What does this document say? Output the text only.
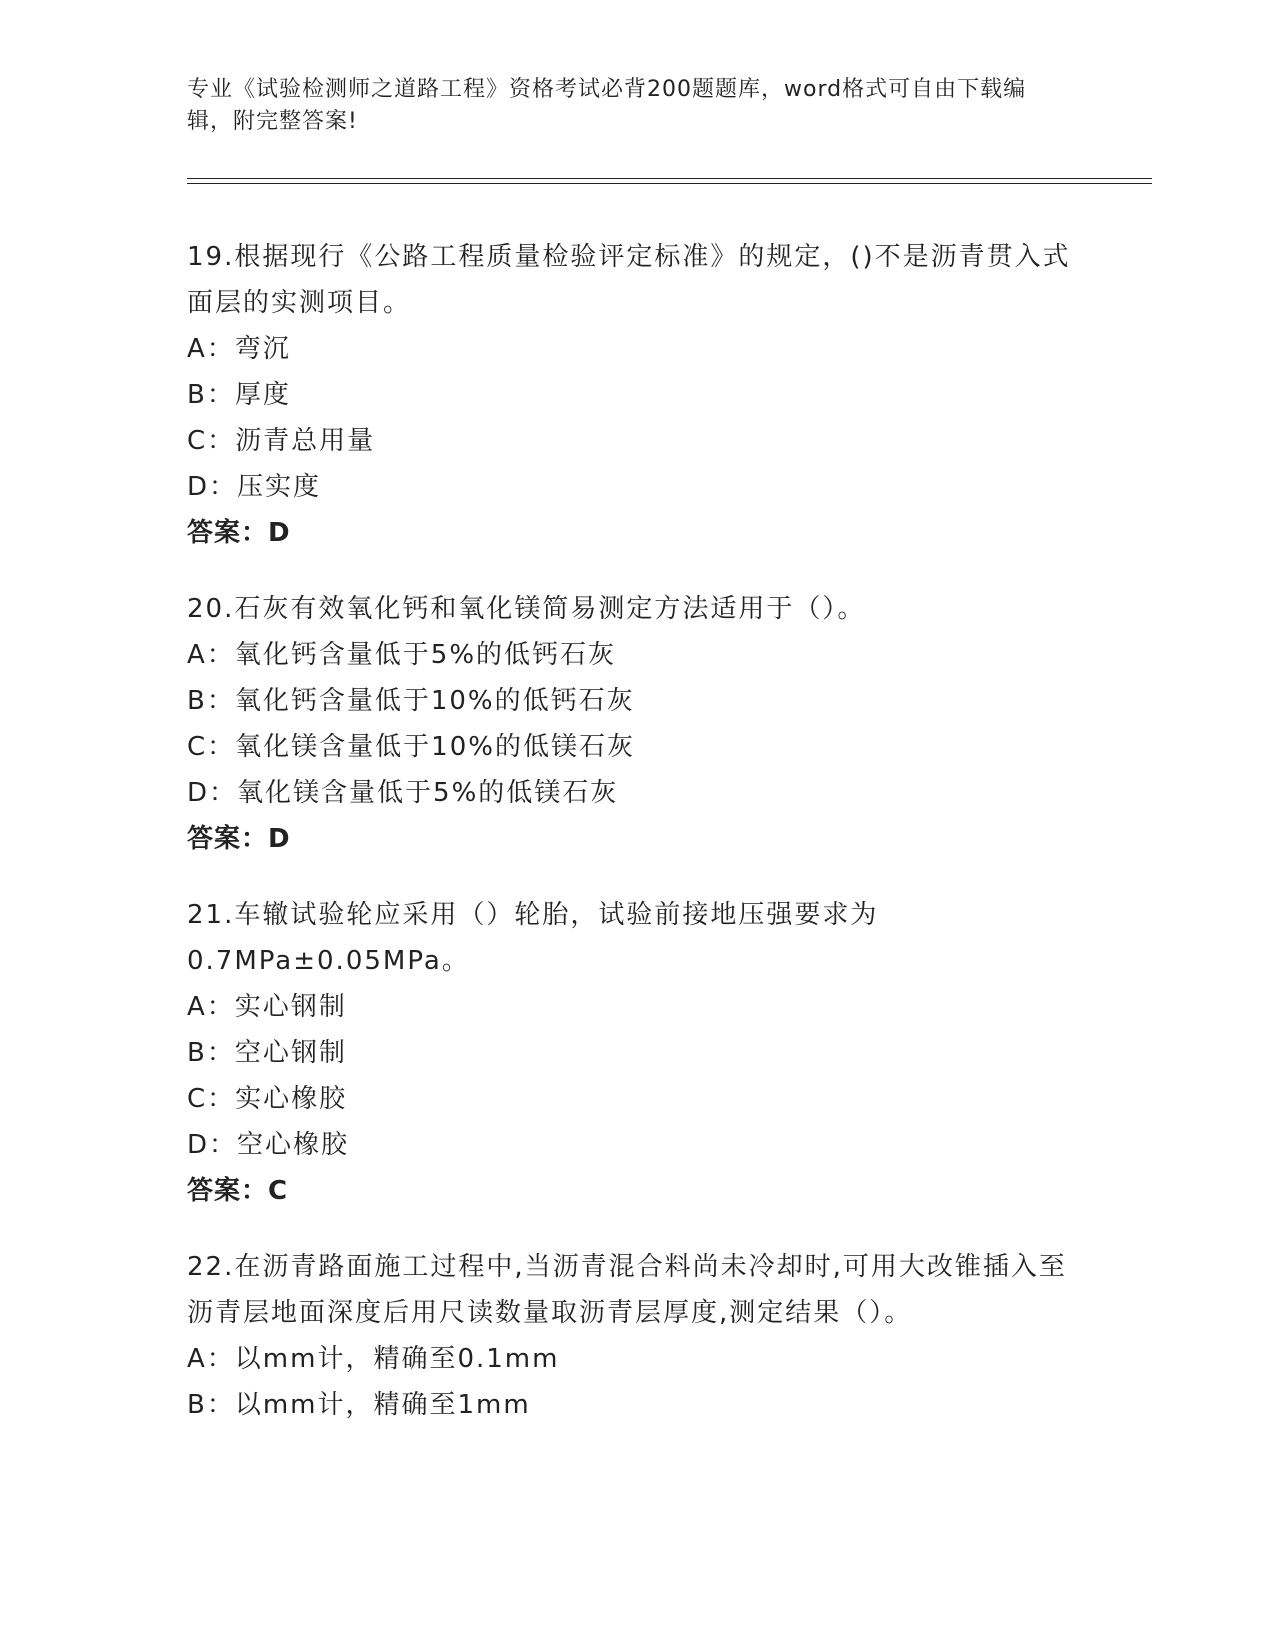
专业《试验检测师之道路工程》资格考试必背200题题库，word格式可自由下载编辑，附完整答案!

19.根据现行《公路工程质量检验评定标准》的规定，()不是沥青贯入式面层的实测项目。

A：弯沉

B：厚度

C：沥青总用量

D：压实度

答案：D

20.石灰有效氧化钙和氧化镁简易测定方法适用于（）。

A：氧化钙含量低于5%的低钙石灰

B：氧化钙含量低于10%的低钙石灰

C：氧化镁含量低于10%的低镁石灰

D：氧化镁含量低于5%的低镁石灰

答案：D

21.车辙试验轮应采用（）轮胎，试验前接地压强要求为0.7MPa±0.05MPa。

A：实心钢制

B：空心钢制

C：实心橡胶

D：空心橡胶

答案：C

22.在沥青路面施工过程中,当沥青混合料尚未冷却时,可用大改锥插入至沥青层地面深度后用尺读数量取沥青层厚度,测定结果（）。

A：以mm计，精确至0.1mm

B：以mm计，精确至1mm
